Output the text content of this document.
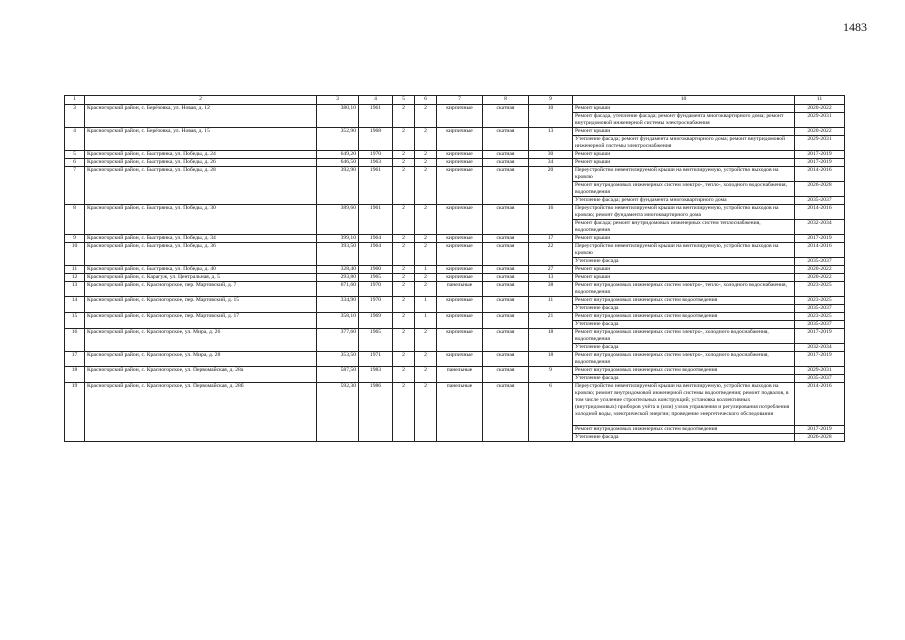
1483
1	2	3	4	5	6	7	8	9	10	11
3	Красногорский район, с. Берёзовка, ул. Новая, д. 12	380,10	1961	2	2	кирпичные	скатная	10	Ремонт крыши	2020-2022
									Ремонт фасада, утепление фасада; ремонт фундамента многоквартирного дома; ремонт внутридомовой инженерной системы электроснабжения	2029-2031
4	Красногорский район, с. Берёзовка, ул. Новая, д. 15	352,90	1968	2	2	кирпичные	скатная	13	Ремонт крыши	2020-2022
									Утепление фасада; ремонт фундамента многоквартирного дома; ремонт внутридомовой инженерной системы электроснабжения	2029-2031
5	Красногорский район, с. Быстрянка, ул. Победы, д. 24	649,20	1970	2	2	кирпичные	скатная	30	Ремонт крыши	2017-2019
6	Красногорский район, с. Быстрянка, ул. Победы, д. 26	646,50	1963	2	2	кирпичные	скатная	34	Ремонт крыши	2017-2019
7	Красногорский район, с. Быстрянка, ул. Победы, д. 28	392,90	1961	2	2	кирпичные	скатная	20	Переустройство невентилируемой крыши на вентилируемую, устройство выходов на кровлю	2014-2016
									Ремонт внутридомовых инженерных систем электро-, тепло-, холодного водоснабжения, водоотведения	2026-2028
									Утепление фасада; ремонт фундамента многоквартирного дома	2035-2037
8	Красногорский район, с. Быстрянка, ул. Победы, д. 30	389,60	1961	2	2	кирпичные	скатная	16	Переустройство невентилируемой крыши на вентилируемую, устройство выходов на кровлю; ремонт фундамента многоквартирного дома	2014-2016
									Ремонт фасада; ремонт внутридомовых инженерных систем теплоснабжения, водоотведения	2032-2034
9	Красногорский район, с. Быстрянка, ул. Победы, д. 34	399,10	1964	2	2	кирпичные	скатная	17	Ремонт крыши	2017-2019
10	Красногорский район, с. Быстрянка, ул. Победы, д. 36	393,50	1964	2	2	кирпичные	скатная	22	Переустройство невентилируемой крыши на вентилируемую, устройство выходов на кровлю	2014-2016
									Утепление фасада	2035-2037
11	Красногорский район, с. Быстрянка, ул. Победы, д. 40	328,40	1960	2	1	кирпичные	скатная	27	Ремонт крыши	2020-2022
12	Красногорский район, с. Карагуж, ул. Центральная, д. 5	293,80	1965	2	2	кирпичные	скатная	13	Ремонт крыши	2020-2022
13	Красногорский район, с. Красногорское, пер. Мартовский, д. 7	671,60	1970	2	2	панельные	скатная	38	Ремонт внутридомовых инженерных систем электро-, тепло-, холодного водоснабжения, водоотведения	2023-2025
14	Красногорский район, с. Красногорское, пер. Мартовский, д. 15	334,90	1970	2	1	кирпичные	скатная	11	Ремонт внутридомовых инженерных систем водоотведения	2023-2025
									Утепление фасада	2035-2037
15	Красногорский район, с. Красногорское, пер. Мартовский, д. 17	358,10	1969	2	1	кирпичные	скатная	21	Ремонт внутридомовых инженерных систем водоотведения	2023-2025
									Утепление фасада	2035-2037
16	Красногорский район, с. Красногорское, ул. Мира, д. 26	377,60	1965	2	2	кирпичные	скатная	18	Ремонт внутридомовых инженерных систем электро-, холодного водоснабжения, водоотведения	2017-2019
									Утепление фасада	2032-2034
17	Красногорский район, с. Красногорское, ул. Мира, д. 28	353,50	1971	2	2	кирпичные	скатная	18	Ремонт внутридомовых инженерных систем электро-, холодного водоснабжения, водоотведения	2017-2019
18	Красногорский район, с. Красногорское, ул. Первомайская, д. 28а	587,50	1983	2	2	панельные	скатная	9	Ремонт внутридомовых инженерных систем водоотведения	2029-2031
									Утепление фасада	2035-2037
19	Красногорский район, с. Красногорское, ул. Первомайская, д. 28б	592,30	1986	2	2	панельные	скатная	6	Переустройство невентилируемой крыши на вентилируемую, устройство выходов на кровлю; ремонт внутридомовой инженерной системы водоотведения; ремонт подвалов, в том числе усиление строительных конструкций; установка коллективных (внутридомовых) приборов учёта и (или) узлов управления и регулирования потребления холодной воды, электрической энергии; проведение энергетического обследования	2014-2016
									Ремонт внутридомовых инженерных систем водоотведения	2017-2019
									Утепление фасада	2026-2028
